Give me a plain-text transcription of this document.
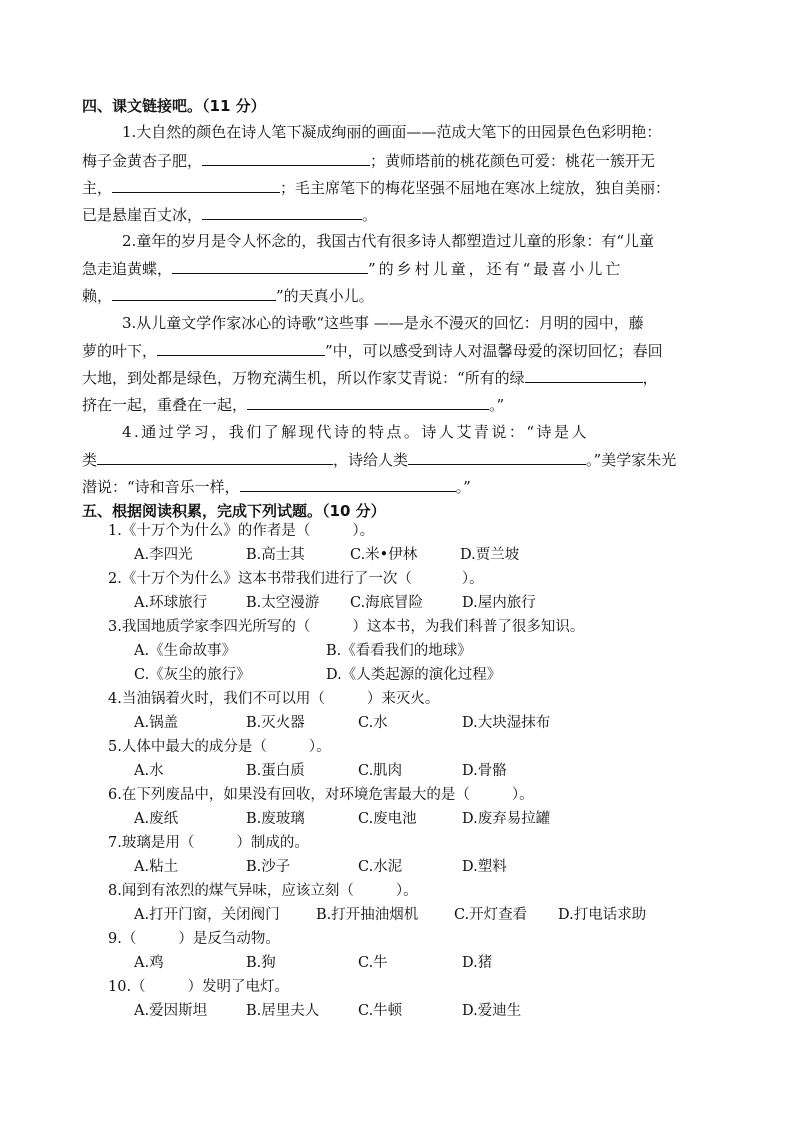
四、课文链接吧。（11 分）
1.大自然的颜色在诗人笔下凝成绚丽的画面——范成大笔下的田园景色色彩明艳：
梅子金黄杏子肥，	；黄师塔前的桃花颜色可爱：桃花一簇开无
主，	；毛主席笔下的梅花坚强不屈地在寒冰上绽放，独自美丽：
已是悬崖百丈冰，	。
2.童年的岁月是令人怀念的，我国古代有很多诗人都塑造过儿童的形象：有“儿童
急走追黄蝶，	”的乡村儿童，还有“最喜小儿亡
赖，	”的天真小儿。
3.从儿童文学作家冰心的诗歌“这些事 ——是永不漫灭的回忆：月明的园中，藤
萝的叶下，	”中，可以感受到诗人对温馨母爱的深切回忆；春回
大地，到处都是绿色，万物充满生机，所以作家艾青说：“所有的绿	，
挤在一起，重叠在一起，	。”
4.通过学习，我们了解现代诗的特点。诗人艾青说：“诗是人
类	，诗给人类	。”美学家朱光
潜说：“诗和音乐一样，	。”
五、根据阅读积累，完成下列试题。（10 分）
1.《十万个为什么》的作者是（	）。
A.李四光	B.高士其	C.米•伊林	D.贾兰坡
2.《十万个为什么》这本书带我们进行了一次（	）。
A.环球旅行	B.太空漫游 C.海底冒险	D.屋内旅行
3.我国地质学家李四光所写的（	）这本书，为我们科普了很多知识。
A.《生命故事》	B.《看看我们的地球》
C.《灰尘的旅行》	D.《人类起源的演化过程》
4.当油锅着火时，我们不可以用（	）来灭火。
A.锅盖	B.灭火器	C.水	D.大块湿抹布
5.人体中最大的成分是（	）。
A.水	B.蛋白质	C.肌肉	D.骨骼
6.在下列废品中，如果没有回收，对环境危害最大的是（	）。
A.废纸	B.废玻璃	C.废电池	D.废弃易拉罐
7.玻璃是用（	）制成的。
A.粘土	B.沙子	C.水泥	D.塑料
8.闻到有浓烈的煤气异味，应该立刻（	）。
A.打开门窗，关闭阀门	B.打开抽油烟机 C.开灯查看 D.打电话求助
9.（	）是反刍动物。
A.鸡	B.狗	C.牛	D.猪
10.（	）发明了电灯。
A.爱因斯坦	B.居里夫人	C.牛顿	D.爱迪生
